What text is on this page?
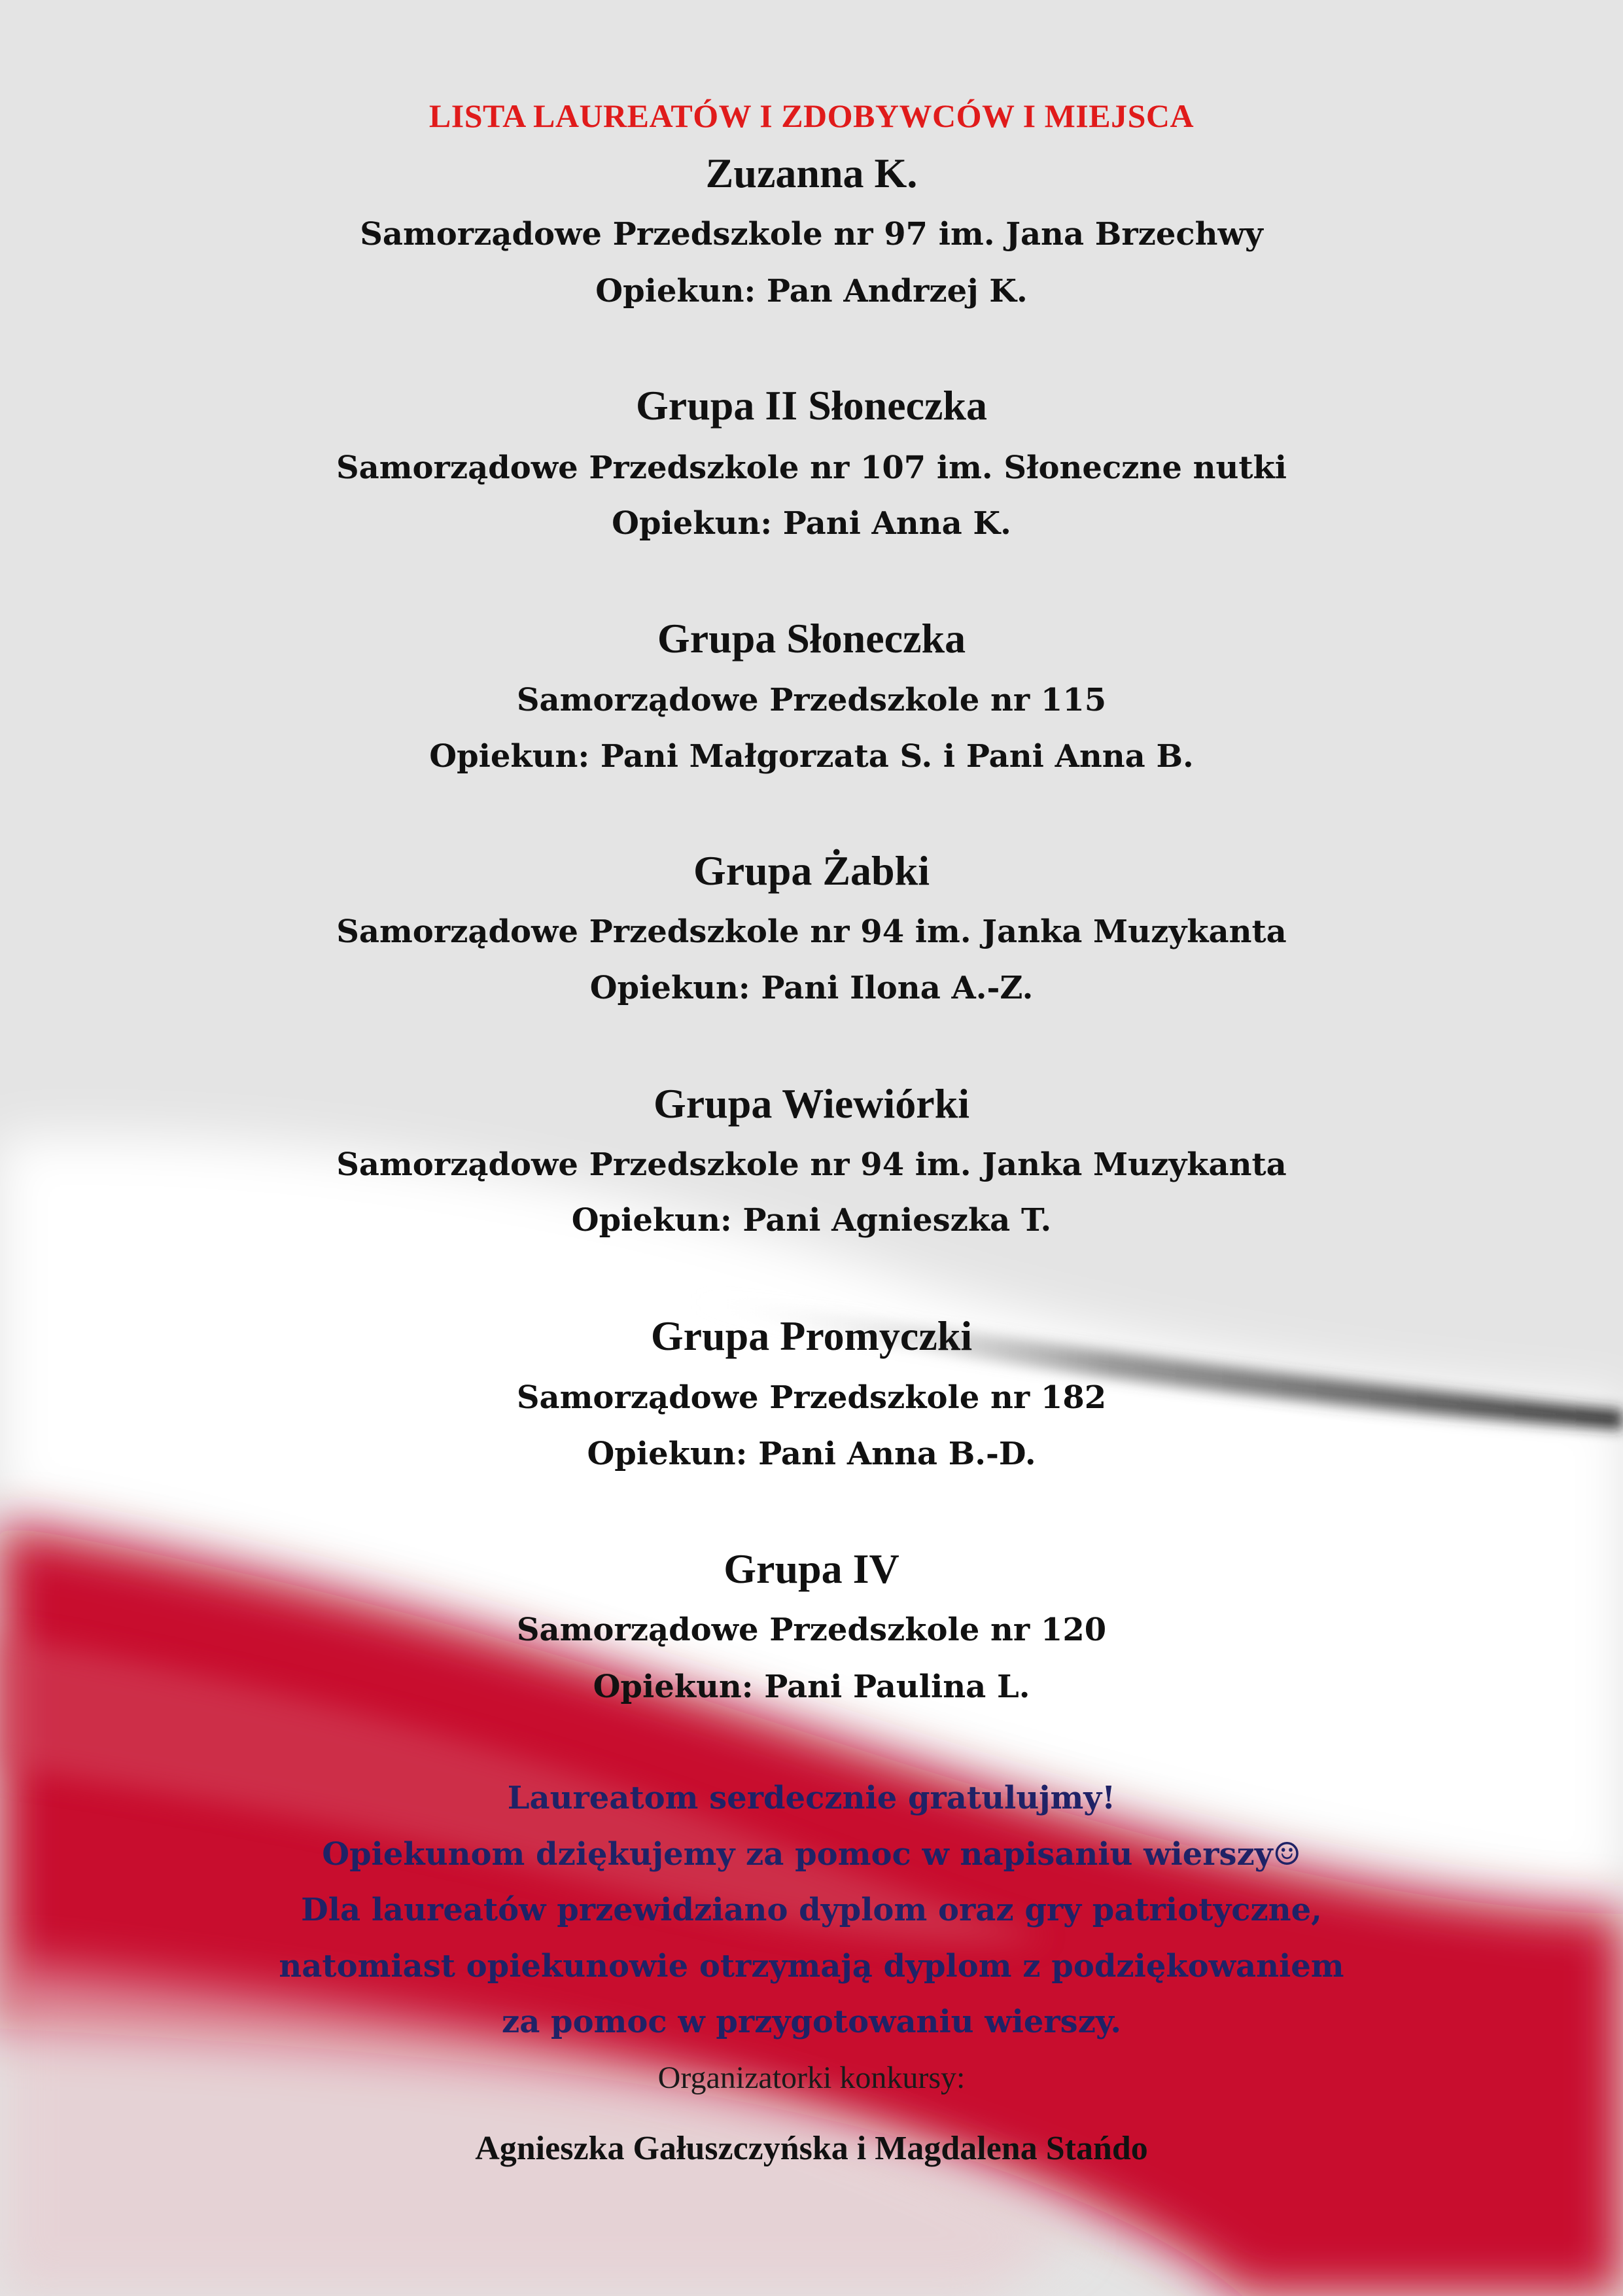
LISTA LAUREATÓW I ZDOBYWCÓW I MIEJSCA
Zuzanna K.
Samorządowe Przedszkole nr 97 im. Jana Brzechwy
Opiekun: Pan Andrzej K.
Grupa II Słoneczka
Samorządowe Przedszkole nr 107 im. Słoneczne nutki
Opiekun: Pani Anna K.
Grupa Słoneczka
Samorządowe Przedszkole nr 115
Opiekun: Pani Małgorzata S. i Pani Anna B.
Grupa Żabki
Samorządowe Przedszkole nr 94 im. Janka Muzykanta
Opiekun: Pani Ilona A.-Z.
Grupa Wiewiórki
Samorządowe Przedszkole nr 94 im. Janka Muzykanta
Opiekun: Pani Agnieszka T.
Grupa Promyczki
Samorządowe Przedszkole nr 182
Opiekun: Pani Anna B.-D.
Grupa IV
Samorządowe Przedszkole nr 120
Opiekun: Pani Paulina L.
Laureatom serdecznie gratulujmy!
Opiekunom dziękujemy za pomoc w napisaniu wierszy☺
Dla laureatów przewidziano dyplom oraz gry patriotyczne,
natomiast opiekunowie otrzymają dyplom z podziękowaniem
za pomoc w przygotowaniu wierszy.
Organizatorki konkursy:
Agnieszka Gałuszczyńska i Magdalena Stańdo
